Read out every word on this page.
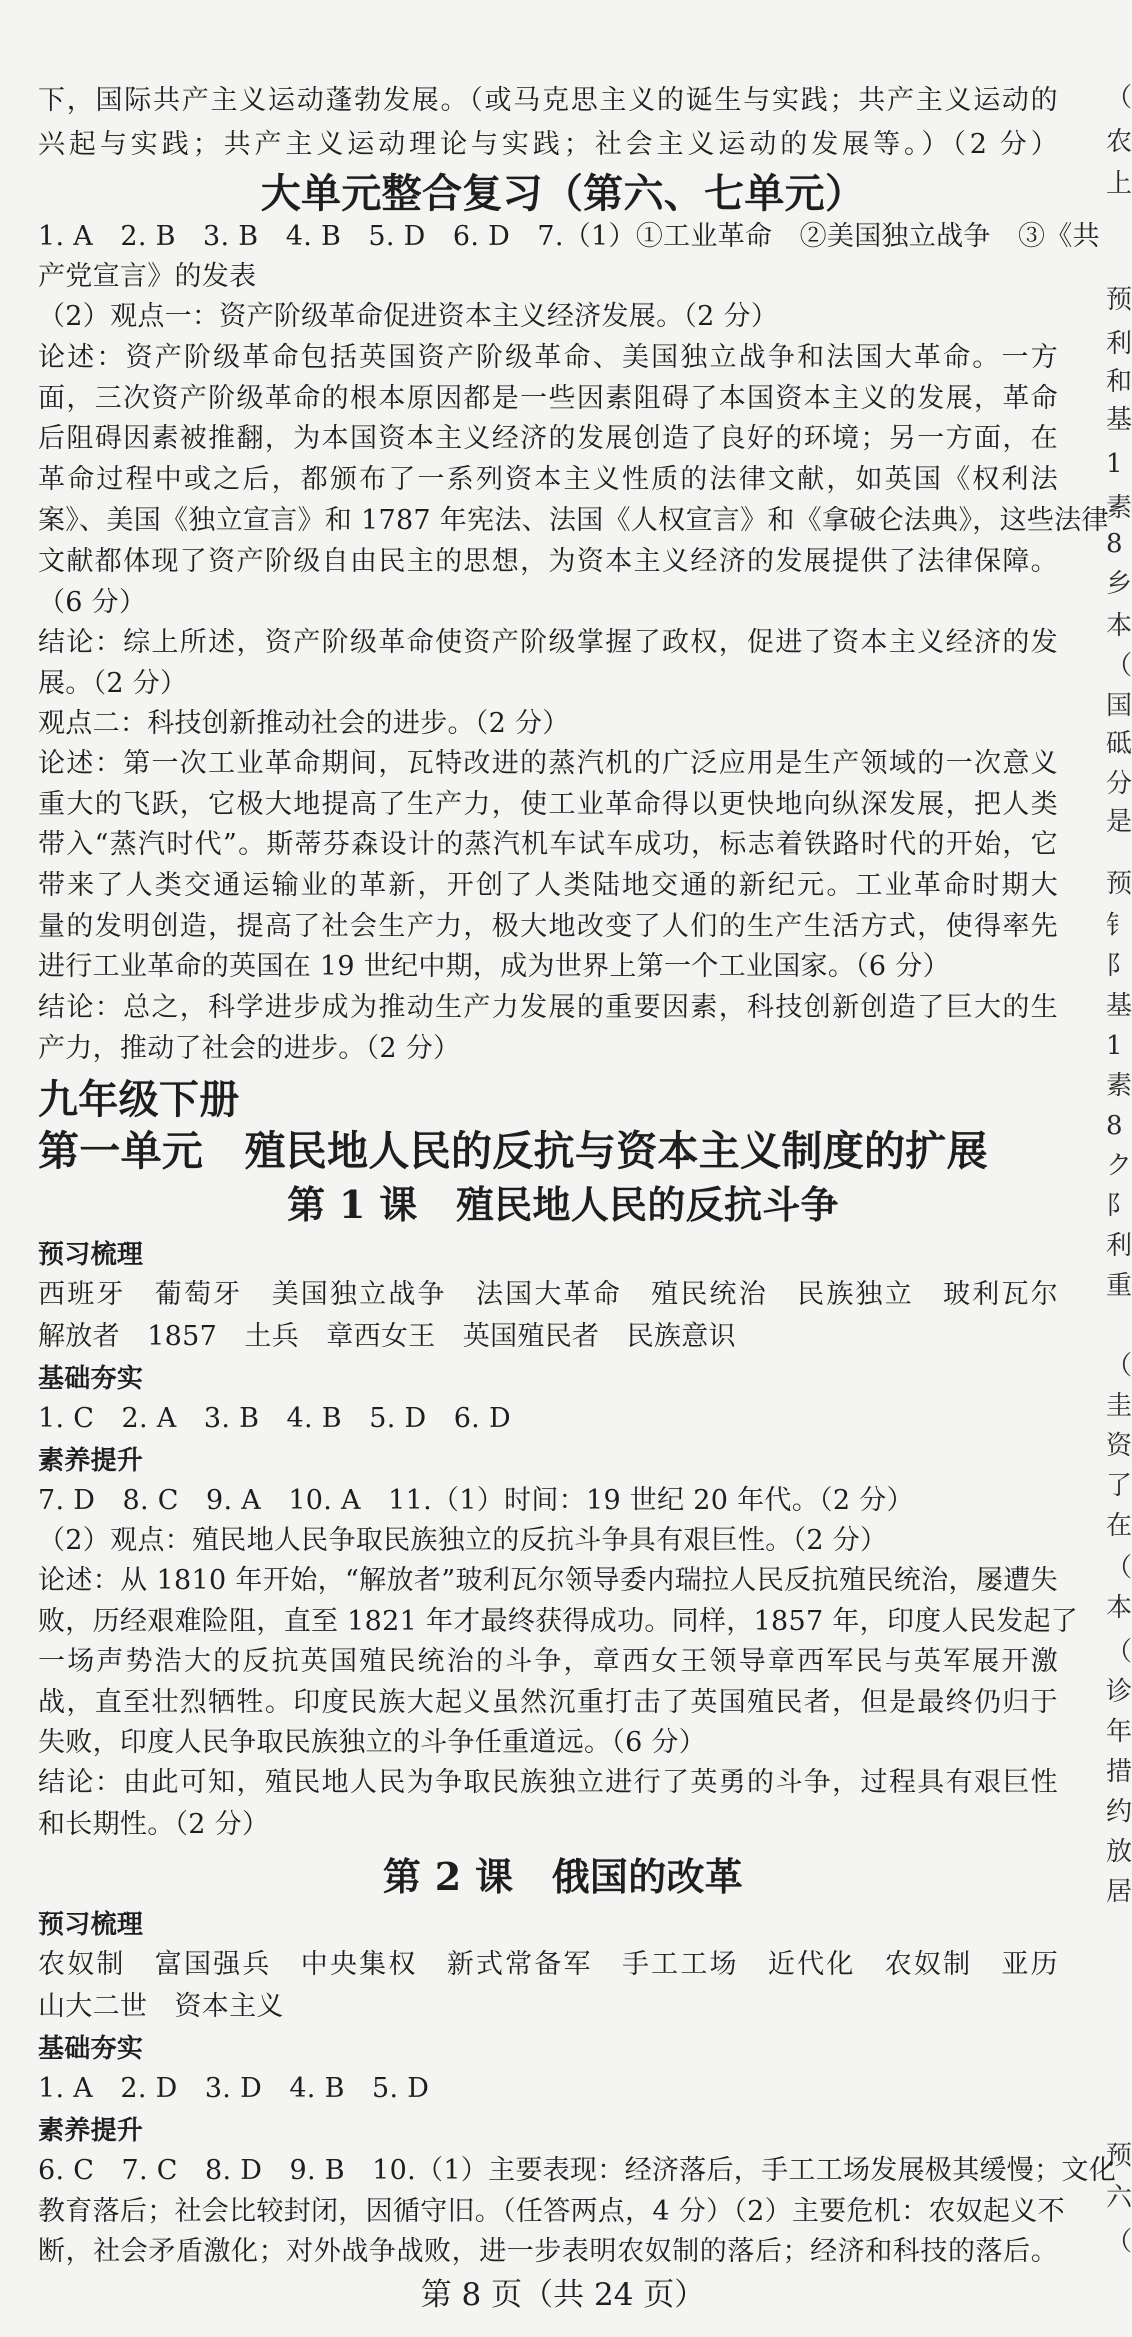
下，国际共产主义运动蓬勃发展。（或马克思主义的诞生与实践；共产主义运动的
兴起与实践；共产主义运动理论与实践；社会主义运动的发展等。）（2 分）
大单元整合复习（第六、七单元）
1. A　2. B　3. B　4. B　5. D　6. D　7.（1）①工业革命　②美国独立战争　③《共
产党宣言》的发表
（2）观点一：资产阶级革命促进资本主义经济发展。（2 分）
论述：资产阶级革命包括英国资产阶级革命、美国独立战争和法国大革命。一方
面，三次资产阶级革命的根本原因都是一些因素阻碍了本国资本主义的发展，革命
后阻碍因素被推翻，为本国资本主义经济的发展创造了良好的环境；另一方面，在
革命过程中或之后，都颁布了一系列资本主义性质的法律文献，如英国《权利法
案》、美国《独立宣言》和 1787 年宪法、法国《人权宣言》和《拿破仑法典》，这些法律
文献都体现了资产阶级自由民主的思想，为资本主义经济的发展提供了法律保障。
（6 分）
结论：综上所述，资产阶级革命使资产阶级掌握了政权，促进了资本主义经济的发
展。（2 分）
观点二：科技创新推动社会的进步。（2 分）
论述：第一次工业革命期间，瓦特改进的蒸汽机的广泛应用是生产领域的一次意义
重大的飞跃，它极大地提高了生产力，使工业革命得以更快地向纵深发展，把人类
带入“蒸汽时代”。斯蒂芬森设计的蒸汽机车试车成功，标志着铁路时代的开始，它
带来了人类交通运输业的革新，开创了人类陆地交通的新纪元。工业革命时期大
量的发明创造，提高了社会生产力，极大地改变了人们的生产生活方式，使得率先
进行工业革命的英国在 19 世纪中期，成为世界上第一个工业国家。（6 分）
结论：总之，科学进步成为推动生产力发展的重要因素，科技创新创造了巨大的生
产力，推动了社会的进步。（2 分）
九年级下册
第一单元　殖民地人民的反抗与资本主义制度的扩展
第 1 课　殖民地人民的反抗斗争
预习梳理
西班牙　葡萄牙　美国独立战争　法国大革命　殖民统治　民族独立　玻利瓦尔
解放者　1857　土兵　章西女王　英国殖民者　民族意识
基础夯实
1. C　2. A　3. B　4. B　5. D　6. D
素养提升
7. D　8. C　9. A　10. A　11.（1）时间：19 世纪 20 年代。（2 分）
（2）观点：殖民地人民争取民族独立的反抗斗争具有艰巨性。（2 分）
论述：从 1810 年开始，“解放者”玻利瓦尔领导委内瑞拉人民反抗殖民统治，屡遭失
败，历经艰难险阻，直至 1821 年才最终获得成功。同样，1857 年，印度人民发起了
一场声势浩大的反抗英国殖民统治的斗争，章西女王领导章西军民与英军展开激
战，直至壮烈牺牲。印度民族大起义虽然沉重打击了英国殖民者，但是最终仍归于
失败，印度人民争取民族独立的斗争任重道远。（6 分）
结论：由此可知，殖民地人民为争取民族独立进行了英勇的斗争，过程具有艰巨性
和长期性。（2 分）
第 2 课　俄国的改革
预习梳理
农奴制　富国强兵　中央集权　新式常备军　手工工场　近代化　农奴制　亚历
山大二世　资本主义
基础夯实
1. A　2. D　3. D　4. B　5. D
素养提升
6. C　7. C　8. D　9. B　10.（1）主要表现：经济落后，手工工场发展极其缓慢；文化
教育落后；社会比较封闭，因循守旧。（任答两点，4 分）（2）主要危机：农奴起义不
断，社会矛盾激化；对外战争战败，进一步表明农奴制的落后；经济和科技的落后。
（
农
上
预
利
和
基
1
素
8
乡
本
（
国
砥
分
是
预
钅
阝
基
1
素
8
ク
阝
利
重
（
圭
资
了
在
（
本
（
诊
年
措
约
放
居
预
六
（
第 8 页（共 24 页）
